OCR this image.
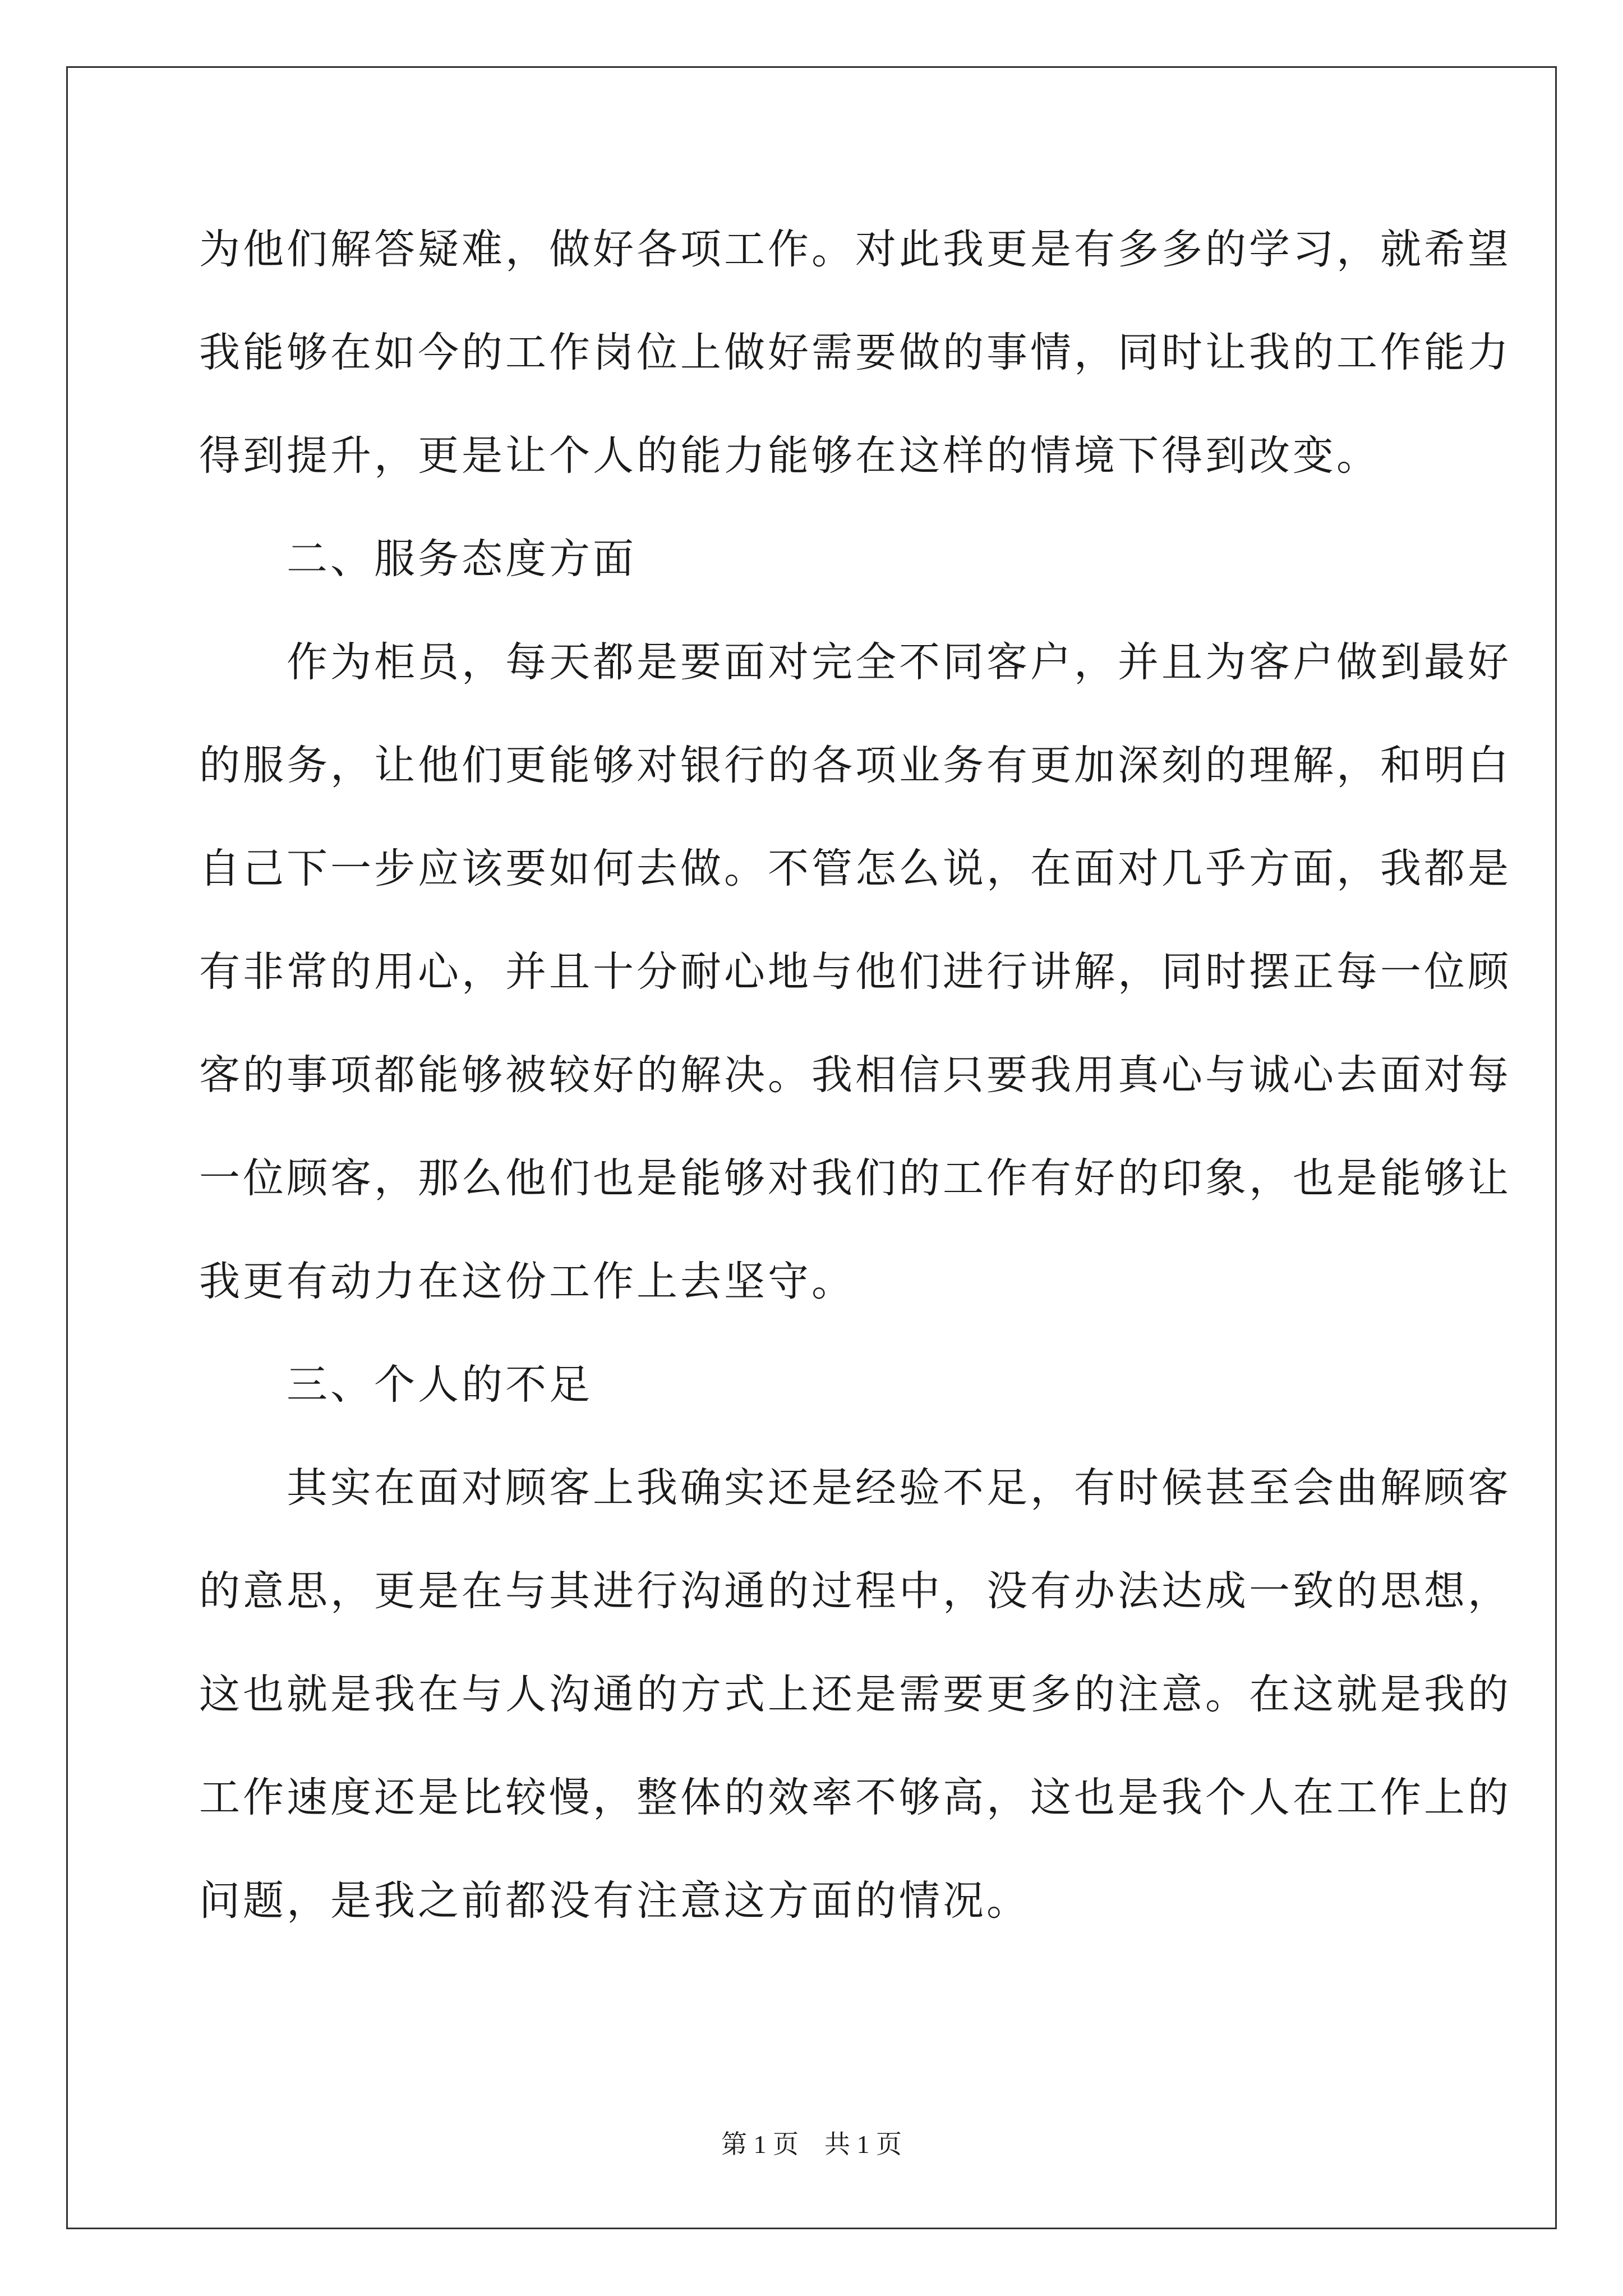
为他们解答疑难，做好各项工作。对此我更是有多多的学习，就希望
我能够在如今的工作岗位上做好需要做的事情，同时让我的工作能力
得到提升，更是让个人的能力能够在这样的情境下得到改变。
　　二、服务态度方面
　　作为柜员，每天都是要面对完全不同客户，并且为客户做到最好
的服务，让他们更能够对银行的各项业务有更加深刻的理解，和明白
自己下一步应该要如何去做。不管怎么说，在面对几乎方面，我都是
有非常的用心，并且十分耐心地与他们进行讲解，同时摆正每一位顾
客的事项都能够被较好的解决。我相信只要我用真心与诚心去面对每
一位顾客，那么他们也是能够对我们的工作有好的印象，也是能够让
我更有动力在这份工作上去坚守。
　　三、个人的不足
　　其实在面对顾客上我确实还是经验不足，有时候甚至会曲解顾客
的意思，更是在与其进行沟通的过程中，没有办法达成一致的思想，
这也就是我在与人沟通的方式上还是需要更多的注意。在这就是我的
工作速度还是比较慢，整体的效率不够高，这也是我个人在工作上的
问题，是我之前都没有注意这方面的情况。
第 1 页　共 1 页
